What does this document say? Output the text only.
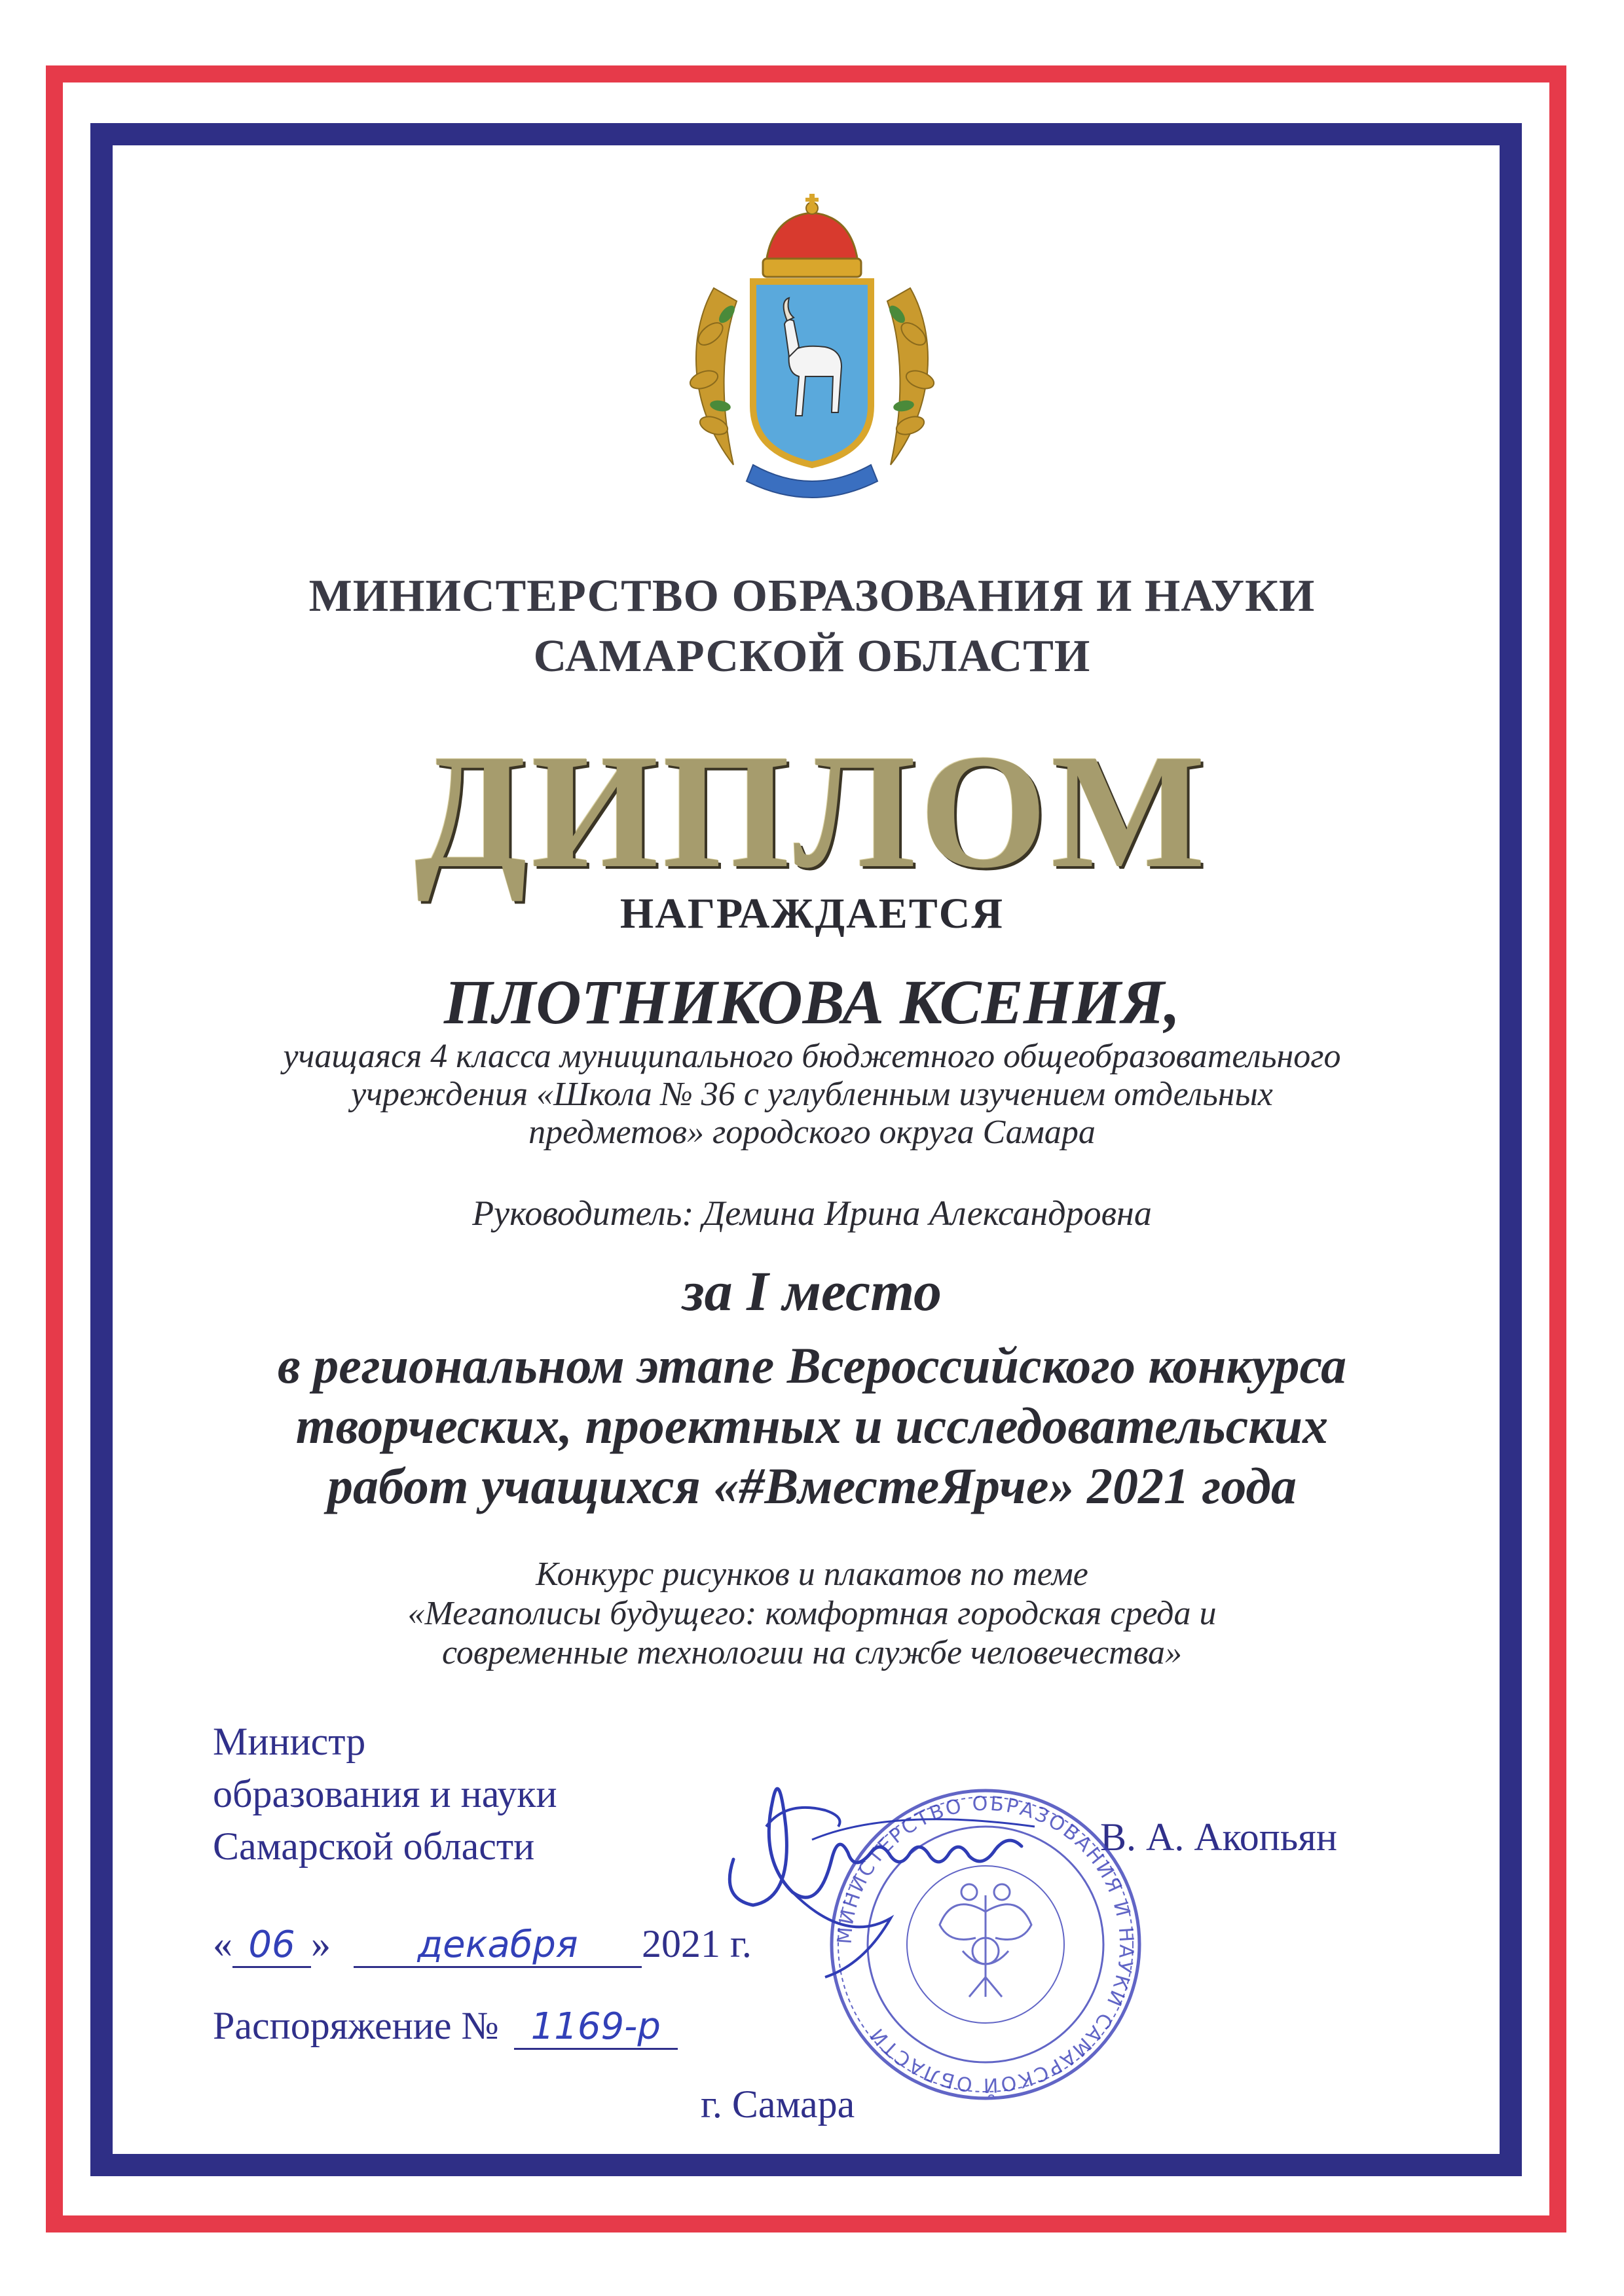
МИНИСТЕРСТВО ОБРАЗОВАНИЯ И НАУКИ
САМАРСКОЙ ОБЛАСТИ
ДИПЛОМ
НАГРАЖДАЕТСЯ
ПЛОТНИКОВА КСЕНИЯ,
учащаяся 4 класса муниципального бюджетного общеобразовательного
учреждения «Школа № 36 с углубленным изучением отдельных
предметов» городского округа Самара
Руководитель: Демина Ирина Александровна
за I место
в региональном этапе Всероссийского конкурса
творческих, проектных и исследовательских
работ учащихся «#ВместеЯрче» 2021 года
Конкурс рисунков и плакатов по теме
«Мегаполисы будущего: комфортная городская среда и
современные технологии на службе человечества»
Министр
образования и науки
Самарской области	В. А. Акопьян
МИНИСТЕРСТВО ОБРАЗОВАНИЯ И НАУКИ САМАРСКОЙ ОБЛАСТИ
« 06 » декабря 2021 г.
Распоряжение № 1169-р
г. Самара
